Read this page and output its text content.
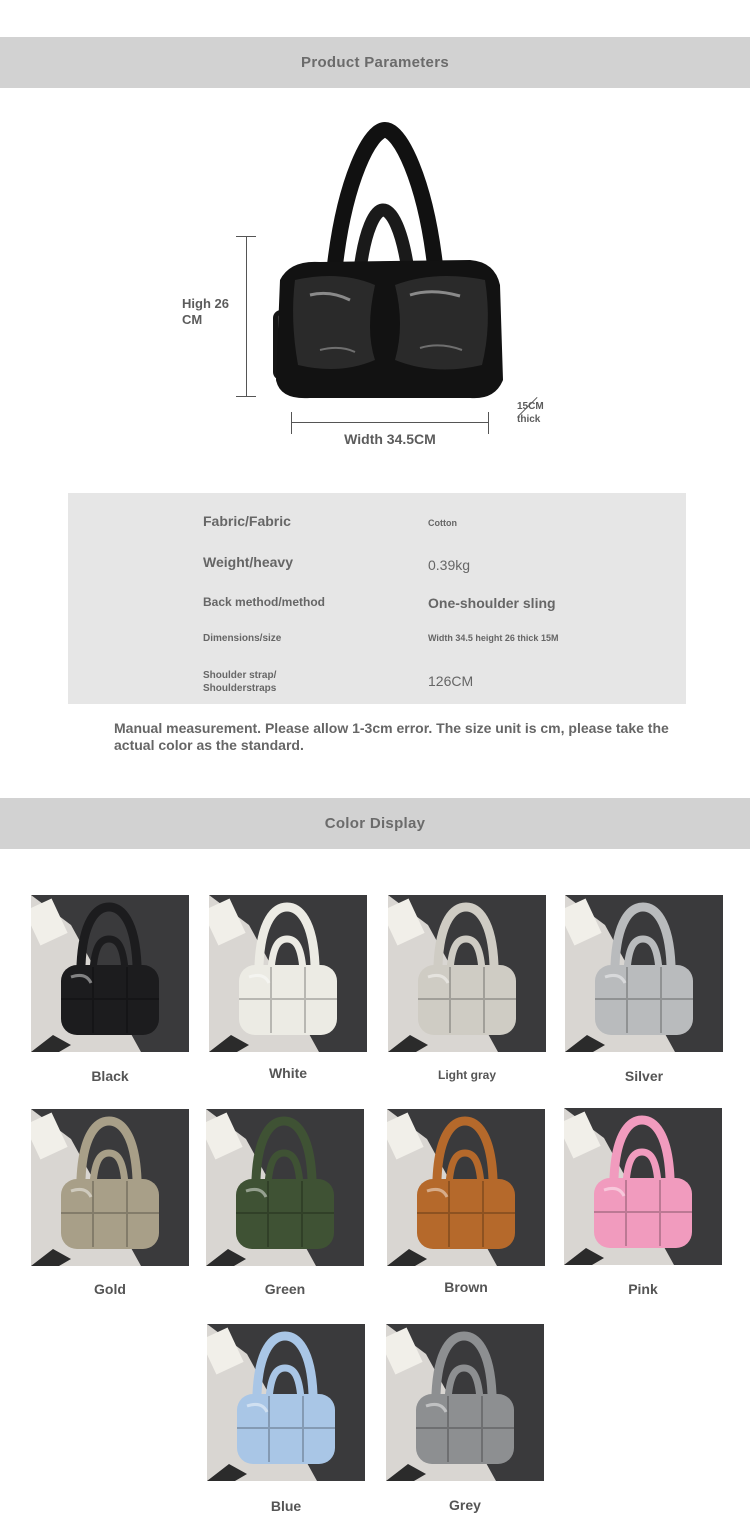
Product Parameters
High 26 CM
Width 34.5CM
15CM thick
Fabric/Fabric	Cotton
Weight/heavy	0.39kg
Back method/method	One-shoulder sling
Dimensions/size	Width 34.5 height 26 thick 15M
Shoulder strap/ Shoulderstraps	126CM
Manual measurement. Please allow 1-3cm error. The size unit is cm, please take the actual color as the standard.
Color Display
Black	White	Light gray	Silver
Gold	Green	Brown	Pink
Blue	Grey
